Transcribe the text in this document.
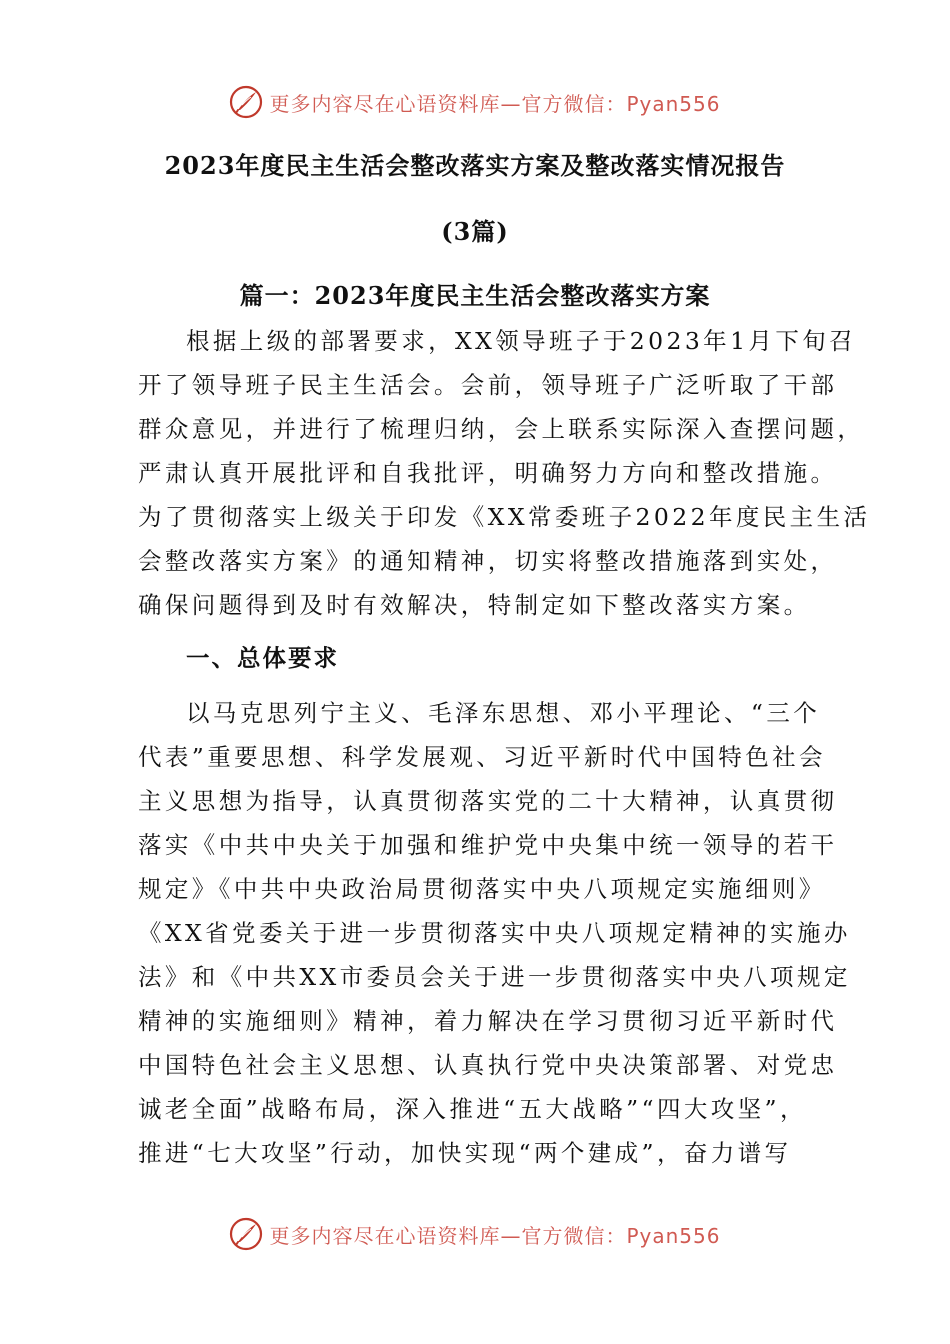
更多内容尽在心语资料库—官方微信：Pyan556
2023年度民主生活会整改落实方案及整改落实情况报告
(3篇)
篇一：2023年度民主生活会整改落实方案
根据上级的部署要求，XX领导班子于2023年1月下旬召
开了领导班子民主生活会。会前，领导班子广泛听取了干部
群众意见，并进行了梳理归纳，会上联系实际深入查摆问题，
严肃认真开展批评和自我批评，明确努力方向和整改措施。
为了贯彻落实上级关于印发《XX常委班子2022年度民主生活
会整改落实方案》的通知精神，切实将整改措施落到实处，
确保问题得到及时有效解决，特制定如下整改落实方案。
一、总体要求
以马克思列宁主义、毛泽东思想、邓小平理论、“三个
代表”重要思想、科学发展观、习近平新时代中国特色社会
主义思想为指导，认真贯彻落实党的二十大精神，认真贯彻
落实《中共中央关于加强和维护党中央集中统一领导的若干
规定》《中共中央政治局贯彻落实中央八项规定实施细则》
《XX省党委关于进一步贯彻落实中央八项规定精神的实施办
法》和《中共XX市委员会关于进一步贯彻落实中央八项规定
精神的实施细则》精神，着力解决在学习贯彻习近平新时代
中国特色社会主义思想、认真执行党中央决策部署、对党忠
诚老全面”战略布局，深入推进“五大战略”“四大攻坚”，
推进“七大攻坚”行动，加快实现“两个建成”，奋力谱写
更多内容尽在心语资料库—官方微信：Pyan556
